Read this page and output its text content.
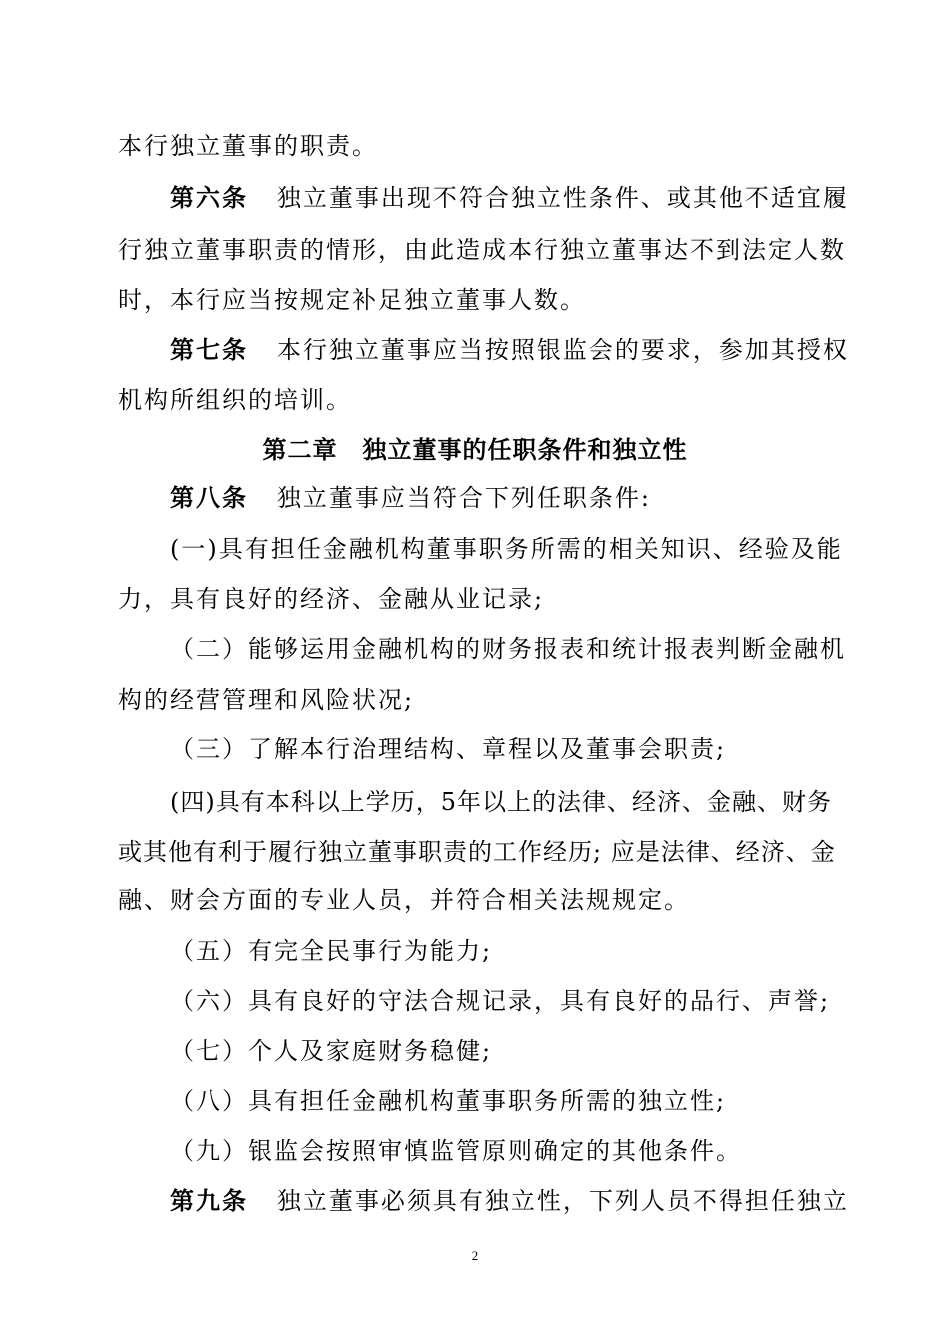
本行独立董事的职责。
第六条 独立董事出现不符合独立性条件、或其他不适宜履
行独立董事职责的情形，由此造成本行独立董事达不到法定人数
时，本行应当按规定补足独立董事人数。
第七条 本行独立董事应当按照银监会的要求，参加其授权
机构所组织的培训。
第二章　独立董事的任职条件和独立性
第八条 独立董事应当符合下列任职条件:
(一)具有担任金融机构董事职务所需的相关知识、经验及能
力，具有良好的经济、金融从业记录;
（二）能够运用金融机构的财务报表和统计报表判断金融机
构的经营管理和风险状况;
（三）了解本行治理结构、章程以及董事会职责;
(四)具有本科以上学历，5年以上的法律、经济、金融、财务
或其他有利于履行独立董事职责的工作经历; 应是法律、经济、金
融、财会方面的专业人员，并符合相关法规规定。
（五）有完全民事行为能力;
（六）具有良好的守法合规记录，具有良好的品行、声誉;
（七）个人及家庭财务稳健;
（八）具有担任金融机构董事职务所需的独立性;
（九）银监会按照审慎监管原则确定的其他条件。
第九条 独立董事必须具有独立性，下列人员不得担任独立
2
